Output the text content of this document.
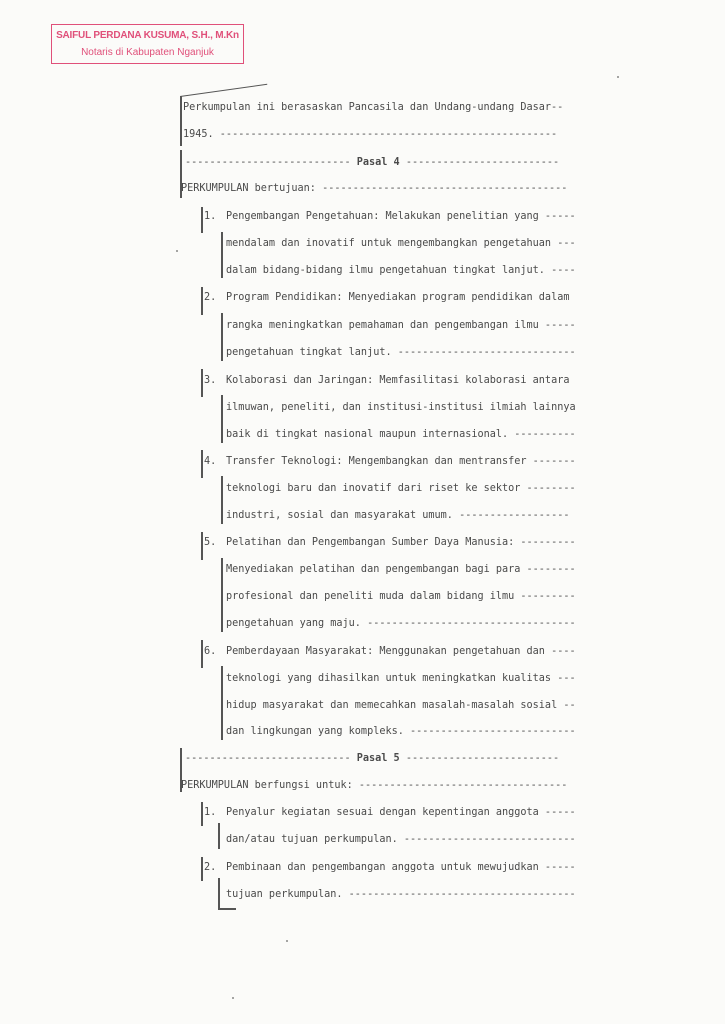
SAIFUL PERDANA KUSUMA, S.H., M.Kn
Notaris di Kabupaten Nganjuk
Perkumpulan ini berasaskan Pancasila dan Undang-undang Dasar--
1945. -------------------------------------------------------
--------------------------- Pasal 4 -------------------------
PERKUMPULAN bertujuan: ----------------------------------------
1. Pengembangan Pengetahuan: Melakukan penelitian yang -----
mendalam dan inovatif untuk mengembangkan pengetahuan ---
dalam bidang-bidang ilmu pengetahuan tingkat lanjut. ----
2. Program Pendidikan: Menyediakan program pendidikan dalam
rangka meningkatkan pemahaman dan pengembangan ilmu -----
pengetahuan tingkat lanjut. -----------------------------
3. Kolaborasi dan Jaringan: Memfasilitasi kolaborasi antara
ilmuwan, peneliti, dan institusi-institusi ilmiah lainnya
baik di tingkat nasional maupun internasional. ----------
4. Transfer Teknologi: Mengembangkan dan mentransfer -------
teknologi baru dan inovatif dari riset ke sektor --------
industri, sosial dan masyarakat umum. ------------------
5. Pelatihan dan Pengembangan Sumber Daya Manusia: ---------
Menyediakan pelatihan dan pengembangan bagi para --------
profesional dan peneliti muda dalam bidang ilmu ---------
pengetahuan yang maju. ----------------------------------
6. Pemberdayaan Masyarakat: Menggunakan pengetahuan dan ----
teknologi yang dihasilkan untuk meningkatkan kualitas ---
hidup masyarakat dan memecahkan masalah-masalah sosial --
dan lingkungan yang kompleks. ---------------------------
--------------------------- Pasal 5 -------------------------
PERKUMPULAN berfungsi untuk: ----------------------------------
1. Penyalur kegiatan sesuai dengan kepentingan anggota -----
dan/atau tujuan perkumpulan. ----------------------------
2. Pembinaan dan pengembangan anggota untuk mewujudkan -----
tujuan perkumpulan. -------------------------------------
